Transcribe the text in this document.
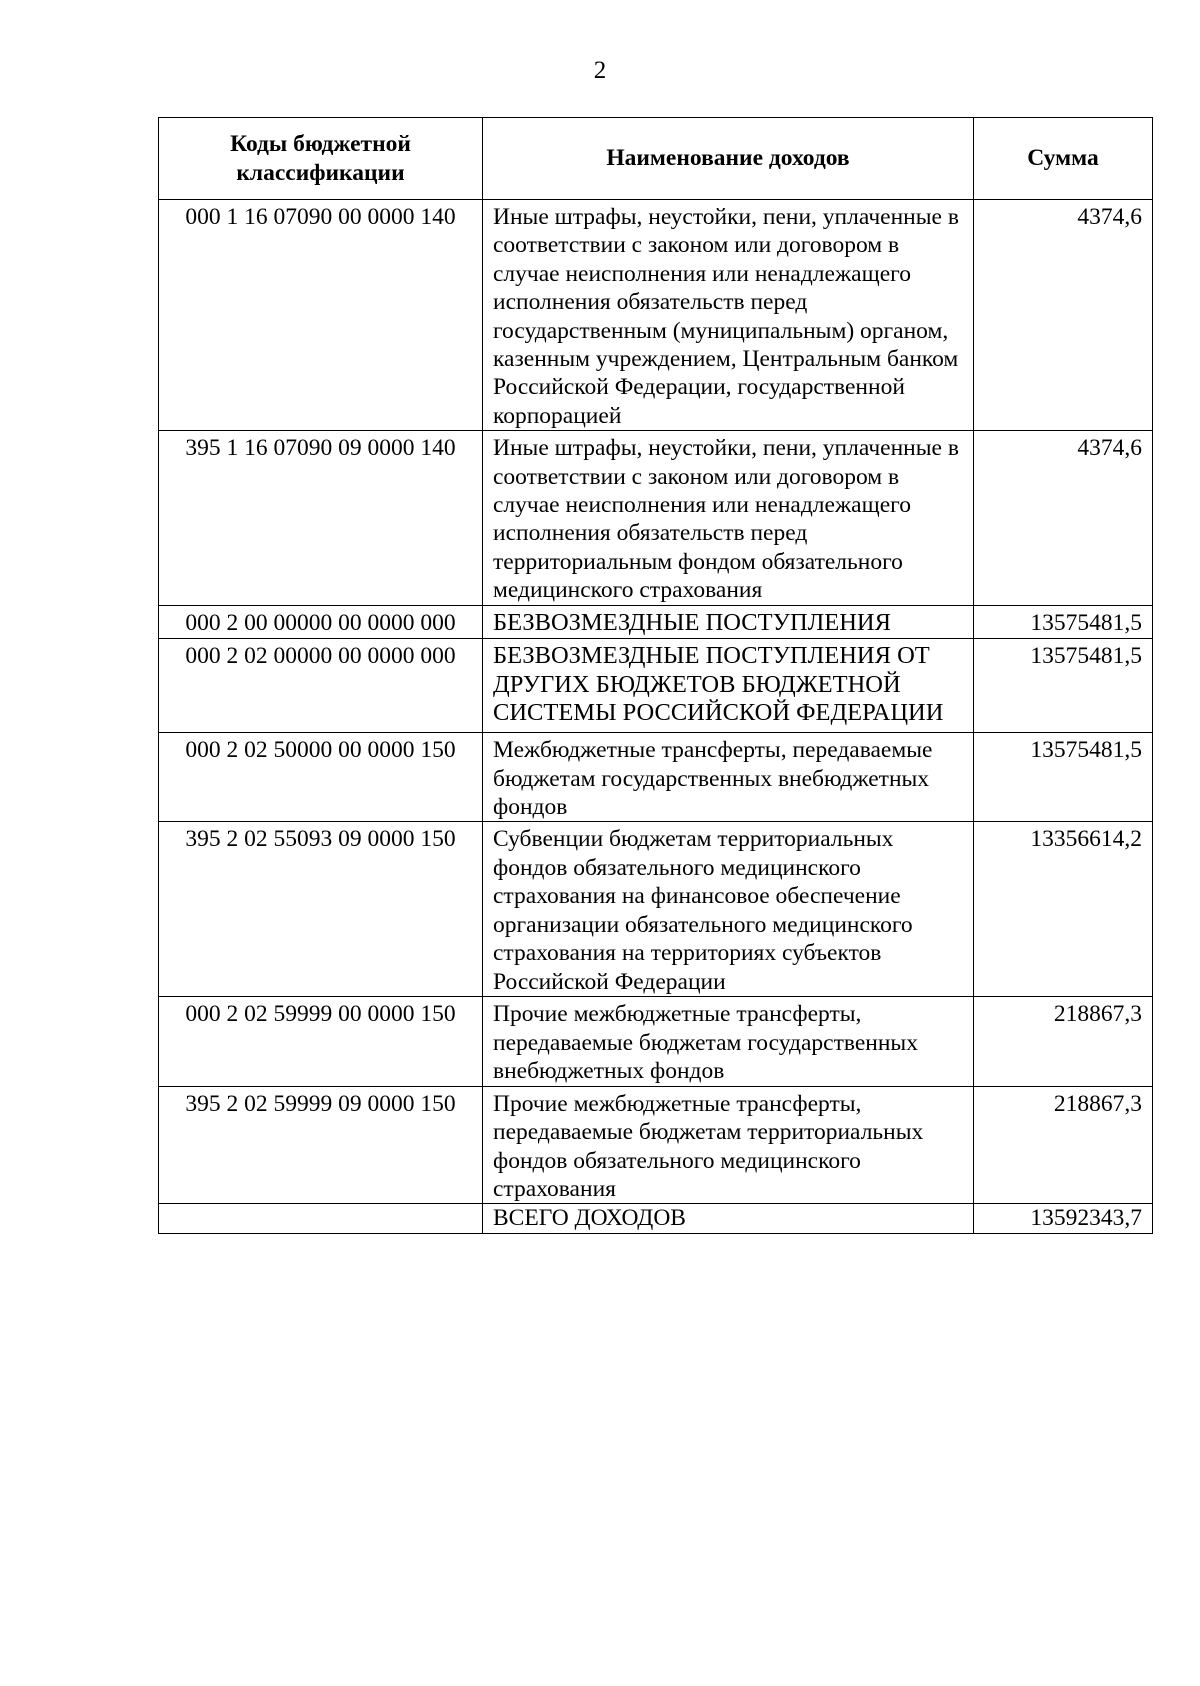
2
Коды бюджетной классификации	Наименование доходов	Сумма
000 1 16 07090 00 0000 140	Иные штрафы, неустойки, пени, уплаченные в соответствии с законом или договором в случае неисполнения или ненадлежащего исполнения обязательств перед государственным (муниципальным) органом, казенным учреждением, Центральным банком Российской Федерации, государственной корпорацией	4374,6
395 1 16 07090 09 0000 140	Иные штрафы, неустойки, пени, уплаченные в соответствии с законом или договором в случае неисполнения или ненадлежащего исполнения обязательств перед территориальным фондом обязательного медицинского страхования	4374,6
000 2 00 00000 00 0000 000	БЕЗВОЗМЕЗДНЫЕ ПОСТУПЛЕНИЯ	13575481,5
000 2 02 00000 00 0000 000	БЕЗВОЗМЕЗДНЫЕ ПОСТУПЛЕНИЯ ОТ ДРУГИХ БЮДЖЕТОВ БЮДЖЕТНОЙ СИСТЕМЫ РОССИЙСКОЙ ФЕДЕРАЦИИ	13575481,5
000 2 02 50000 00 0000 150	Межбюджетные трансферты, передаваемые бюджетам государственных внебюджетных фондов	13575481,5
395 2 02 55093 09 0000 150	Субвенции бюджетам территориальных фондов обязательного медицинского страхования на финансовое обеспечение организации обязательного медицинского страхования на территориях субъектов Российской Федерации	13356614,2
000 2 02 59999 00 0000 150	Прочие межбюджетные трансферты, передаваемые бюджетам государственных внебюджетных фондов	218867,3
395 2 02 59999 09 0000 150	Прочие межбюджетные трансферты, передаваемые бюджетам территориальных фондов обязательного медицинского страхования	218867,3
	ВСЕГО ДОХОДОВ	13592343,7
